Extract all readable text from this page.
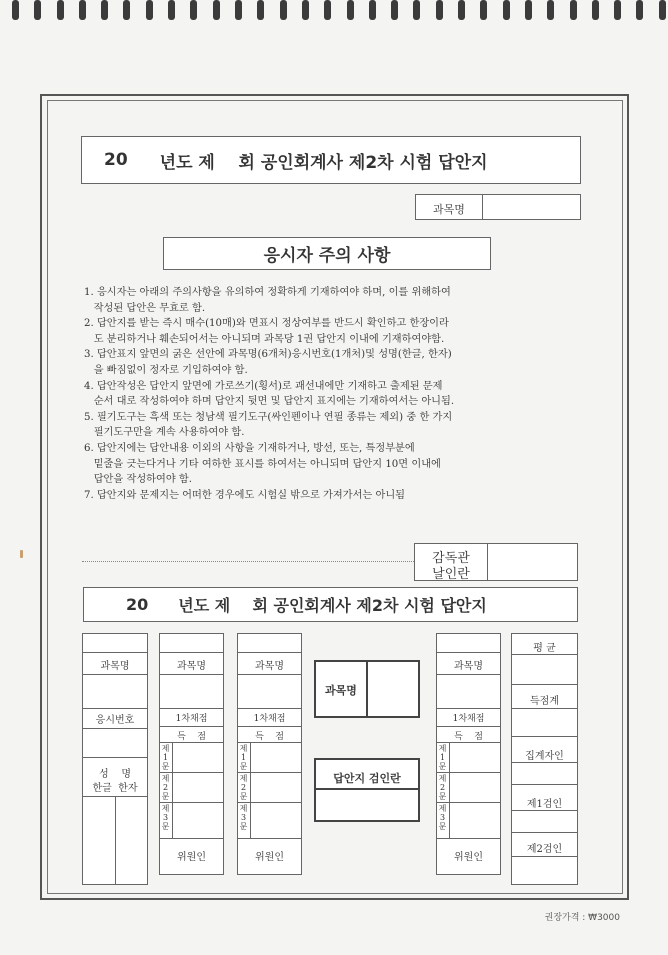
20 년도 제    회 공인회계사 제2차 시험 답안지
과목명
응시자 주의 사항
1. 응시자는 아래의 주의사항을 유의하여 정확하게 기재하여야 하며, 이를 위해하여
작성된 답안은 무효로 함.
2. 답안지를 받는 즉시 매수(10매)와 면표시 정상여부를 반드시 확인하고 한장이라
도 분리하거나 훼손되어서는 아니되며 과목당 1권 답안지 이내에 기재하여야함.
3. 답안표지 앞면의 굵은 선안에 과목명(6개처)응시번호(1개처)및 성명(한글, 한자)
을 빠짐없이 정자로 기입하여야 함.
4. 답안작성은 답안지 앞면에 가로쓰기(횡서)로 괘선내에만 기재하고 출제된 문제
순서 대로 작성하여야 하며 답안지 뒷면 및 답안지 표지에는 기재하여서는 아니됨.
5. 필기도구는 흑색 또는 청남색 필기도구(싸인펜이나 연필 종류는 제외) 중 한 가지
필기도구만을 계속 사용하여야 함.
6. 답안지에는 답안내용 이외의 사항을 기재하거나, 방선, 또는, 특정부분에
밑줄을 긋는다거나 기타 여하한 표시를 하여서는 아니되며 답안지 10면 이내에
답안을 작성하여야 함.
7. 답안지와 문제지는 어떠한 경우에도 시험실 밖으로 가져가서는 아니됨
감독관
날인란
20 년도 제    회 공인회계사 제2차 시험 답안지
과목명
응시번호
성    명
한글  한자
과목명
1차채점
득    점
제1문
제2문
제3문
위원인
과목명
1차채점
득    점
제1문
제2문
제3문
위원인
과목명
답안지 검인란
과목명
1차채점
득    점
제1문
제2문
제3문
위원인
평 균
득점계
집계자인
제1검인
제2검인
권장가격 : ₩3000
